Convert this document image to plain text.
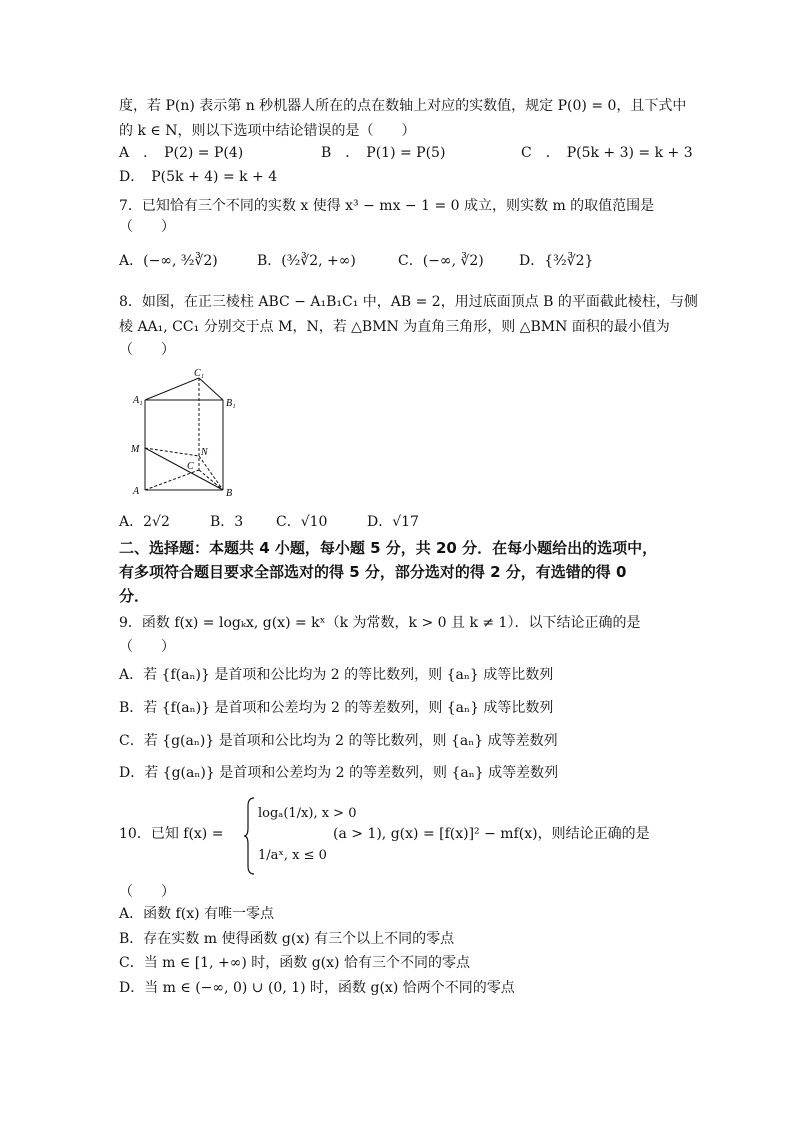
度，若 P(n) 表示第 n 秒机器人所在的点在数轴上对应的实数值，规定 P(0) = 0，且下式中
的 k ∈ N，则以下选项中结论错误的是（　　）
A　．　P(2) = P(4)	B　．　P(1) = P(5)	C　．　P(5k + 3) = k + 3
D．　P(5k + 4) = k + 4
7．已知恰有三个不同的实数 x 使得 x³ − mx − 1 = 0 成立，则实数 m 的取值范围是
（　　）
A．(−∞, ³⁄₂∛2)	B．(³⁄₂∛2, +∞)	C．(−∞, ∛2)	D．{³⁄₂∛2}
8．如图，在正三棱柱 ABC − A₁B₁C₁ 中，AB = 2，用过底面顶点 B 的平面截此棱柱，与侧
棱 AA₁, CC₁ 分别交于点 M，N，若 △BMN 为直角三角形，则 △BMN 面积的最小值为
（　　）
C₁
A₁	B₁
M	N
C
A	B
A．2√2	B．3 C．√10	D．√17
二、选择题：本题共 4 小题，每小题 5 分，共 20 分．在每小题给出的选项中，
有多项符合题目要求全部选对的得 5 分，部分选对的得 2 分，有选错的得 0
分．
9．函数 f(x) = logₖx, g(x) = kˣ（k 为常数，k > 0 且 k ≠ 1）．以下结论正确的是
（　　）
A．若 {f(aₙ)} 是首项和公比均为 2 的等比数列，则 {aₙ} 成等比数列
B．若 {f(aₙ)} 是首项和公差均为 2 的等差数列，则 {aₙ} 成等比数列
C．若 {g(aₙ)} 是首项和公比均为 2 的等比数列，则 {aₙ} 成等差数列
D．若 {g(aₙ)} 是首项和公差均为 2 的等差数列，则 {aₙ} 成等差数列
10．已知 f(x) =
logₐ(1/x), x > 0
1/aˣ, x ≤ 0
(a > 1), g(x) = [f(x)]² − mf(x)，则结论正确的是
（　　）
A．函数 f(x) 有唯一零点
B．存在实数 m 使得函数 g(x) 有三个以上不同的零点
C．当 m ∈ [1, +∞) 时，函数 g(x) 恰有三个不同的零点
D．当 m ∈ (−∞, 0) ∪ (0, 1) 时，函数 g(x) 恰两个不同的零点
